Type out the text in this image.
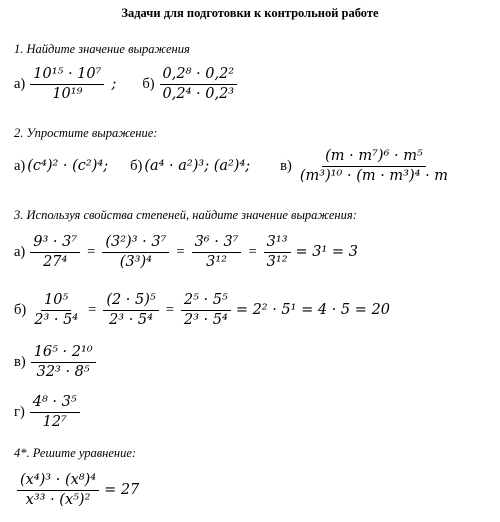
Задачи для подготовки к контрольной работе
1. Найдите значение выражения
$а) \frac{\text{10¹⁵ · 10⁷}}{\text{10¹⁹}}$ ; $б) \frac{\text{0,2⁸ · 0,2²}}{\text{0,2⁴ · 0,2³}}$
2. Упростите выражение:
а) (c⁴)² · (c²)⁴; б) (a⁴ · a²)³; (a²)⁴; $в) \frac{\text{(m · m⁷)⁶ · m⁵}}{\text{(m³)¹⁰ · (m · m³)⁴ · m}}$
3. Используя свойства степеней, найдите значение выражения:
$а) \frac{\text{9³ · 3⁷}}{\text{27⁴}} = \frac{\text{(3²)³ · 3⁷}}{\text{(3³)⁴}} = \frac{\text{3⁶ · 3⁷}}{\text{3¹²}} = \frac{\text{3¹³}}{\text{3¹²}} = 3^1 = 3$
$б) \frac{\text{10⁵}}{\text{2³ · 5⁴}} = \frac{\text{(2 · 5)⁵}}{\text{2³ · 5⁴}} = \frac{\text{2⁵ · 5⁵}}{\text{2³ · 5⁴}} = 2^2 \cdot 5^1 = 4 \cdot 5 = 20$
$в) \frac{\text{16⁵ · 2¹⁰}}{\text{32³ · 8⁵}}$
$г) \frac{\text{4⁸ · 3⁵}}{\text{12⁷}}$
4*. Решите уравнение:
$\frac{\text{(x⁴)³ · (x⁸)⁴}}{\text{x³³ · (x⁵)²}} = 27$
